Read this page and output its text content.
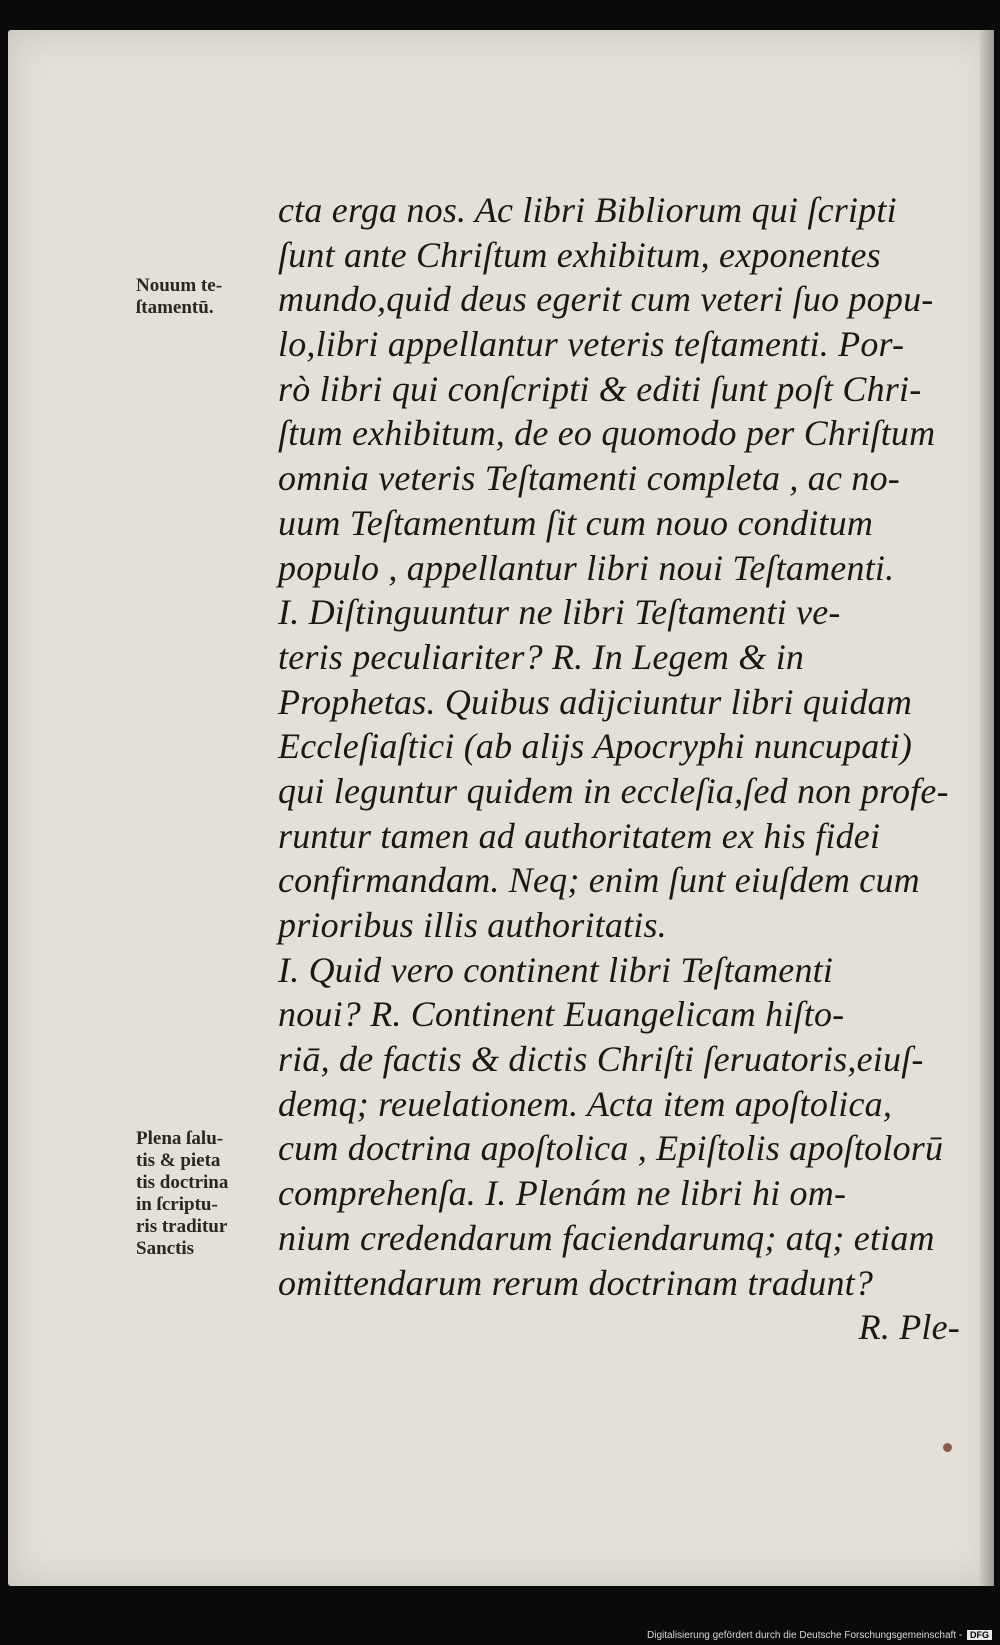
Nouum te-
ſtamentū.
Plena ſalu-
tis & pieta
tis doctrina
in ſcriptu-
ris traditur
Sanctis
cta erga nos. Ac libri Bibliorum qui ſcripti
ſunt ante Chriſtum exhibitum, exponentes
mundo,quid deus egerit cum veteri ſuo popu-
lo,libri appellantur veteris teſtamenti. Por-
rò libri qui conſcripti & editi ſunt poſt Chri-
ſtum exhibitum, de eo quomodo per Chriſtum
omnia veteris Teſtamenti completa , ac no-
uum Teſtamentum ſit cum nouo conditum
populo , appellantur libri noui Teſtamenti.
I. Diſtinguuntur ne libri Teſtamenti ve-
teris peculiariter? R. In Legem & in
Prophetas. Quibus adijciuntur libri quidam
Eccleſiaſtici (ab alijs Apocryphi nuncupati)
qui leguntur quidem in eccleſia,ſed non profe-
runtur tamen ad authoritatem ex his fidei
confirmandam. Neq; enim ſunt eiuſdem cum
prioribus illis authoritatis.
I. Quid vero continent libri Teſtamenti
noui? R. Continent Euangelicam hiſto-
riā, de factis & dictis Chriſti ſeruatoris,eiuſ-
demq; reuelationem. Acta item apoſtolica,
cum doctrina apoſtolica , Epiſtolis apoſtolorū
comprehenſa. I. Plenám ne libri hi om-
nium credendarum faciendarumq; atq; etiam
omittendarum rerum doctrinam tradunt?
R. Ple-
Digitalisierung gefördert durch die Deutsche Forschungsgemeinschaft - DFG
